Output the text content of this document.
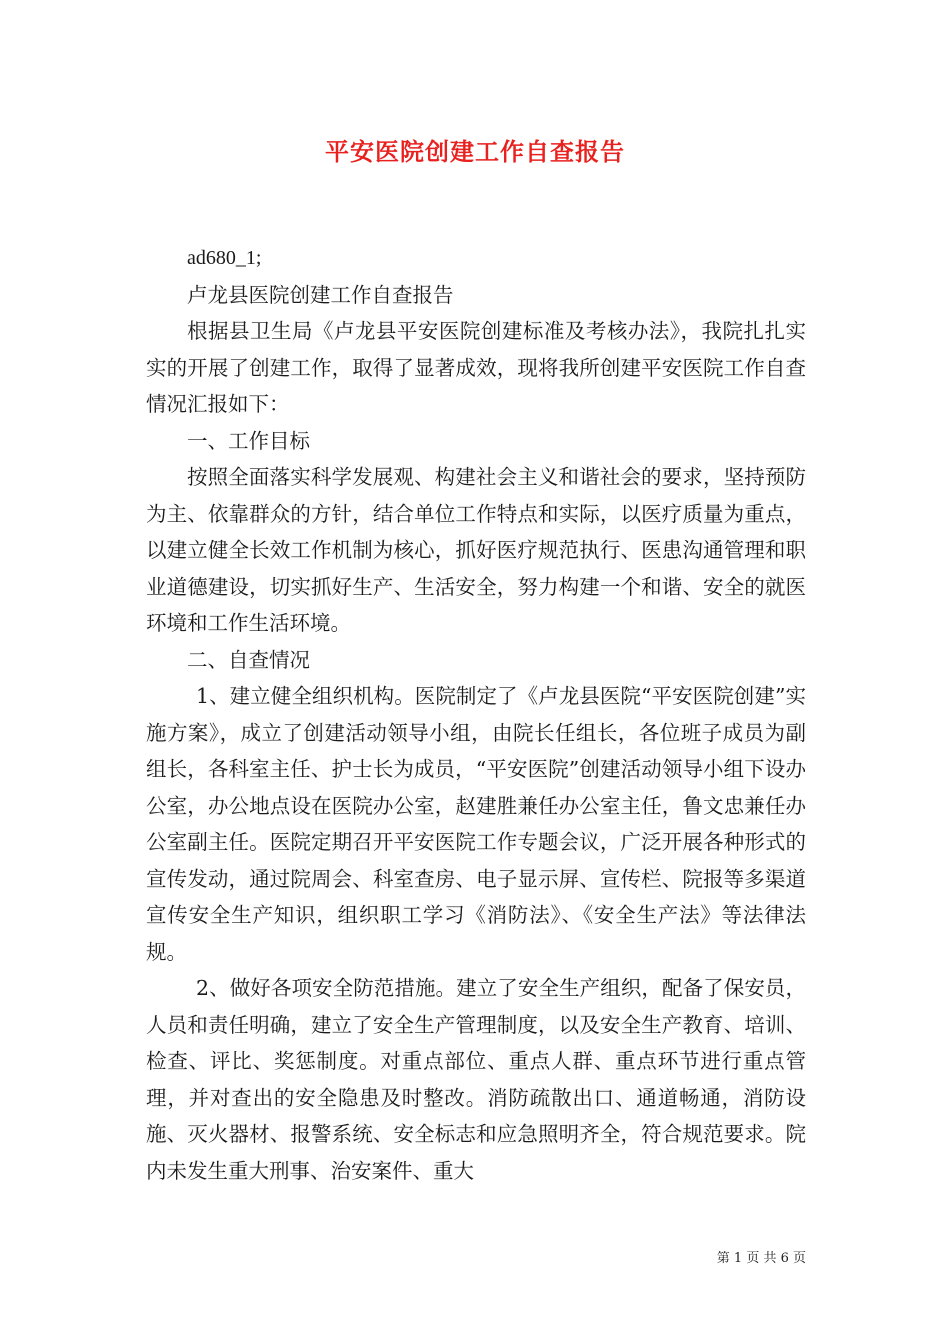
平安医院创建工作自查报告

ad680_1;

卢龙县医院创建工作自查报告

根据县卫生局《卢龙县平安医院创建标准及考核办法》，我院扎扎实实的开展了创建工作，取得了显著成效，现将我所创建平安医院工作自查情况汇报如下：

一、工作目标

按照全面落实科学发展观、构建社会主义和谐社会的要求，坚持预防为主、依靠群众的方针，结合单位工作特点和实际，以医疗质量为重点，以建立健全长效工作机制为核心，抓好医疗规范执行、医患沟通管理和职业道德建设，切实抓好生产、生活安全，努力构建一个和谐、安全的就医环境和工作生活环境。

二、自查情况

1、建立健全组织机构。医院制定了《卢龙县医院“平安医院创建”实施方案》，成立了创建活动领导小组，由院长任组长，各位班子成员为副组长，各科室主任、护士长为成员，“平安医院”创建活动领导小组下设办公室，办公地点设在医院办公室，赵建胜兼任办公室主任，鲁文忠兼任办公室副主任。医院定期召开平安医院工作专题会议，广泛开展各种形式的宣传发动，通过院周会、科室查房、电子显示屏、宣传栏、院报等多渠道宣传安全生产知识，组织职工学习《消防法》、《安全生产法》等法律法规。

2、做好各项安全防范措施。建立了安全生产组织，配备了保安员，人员和责任明确，建立了安全生产管理制度，以及安全生产教育、培训、检查、评比、奖惩制度。对重点部位、重点人群、重点环节进行重点管理，并对查出的安全隐患及时整改。消防疏散出口、通道畅通，消防设施、灭火器材、报警系统、安全标志和应急照明齐全，符合规范要求。院内未发生重大刑事、治安案件、重大

第 1 页 共 6 页
